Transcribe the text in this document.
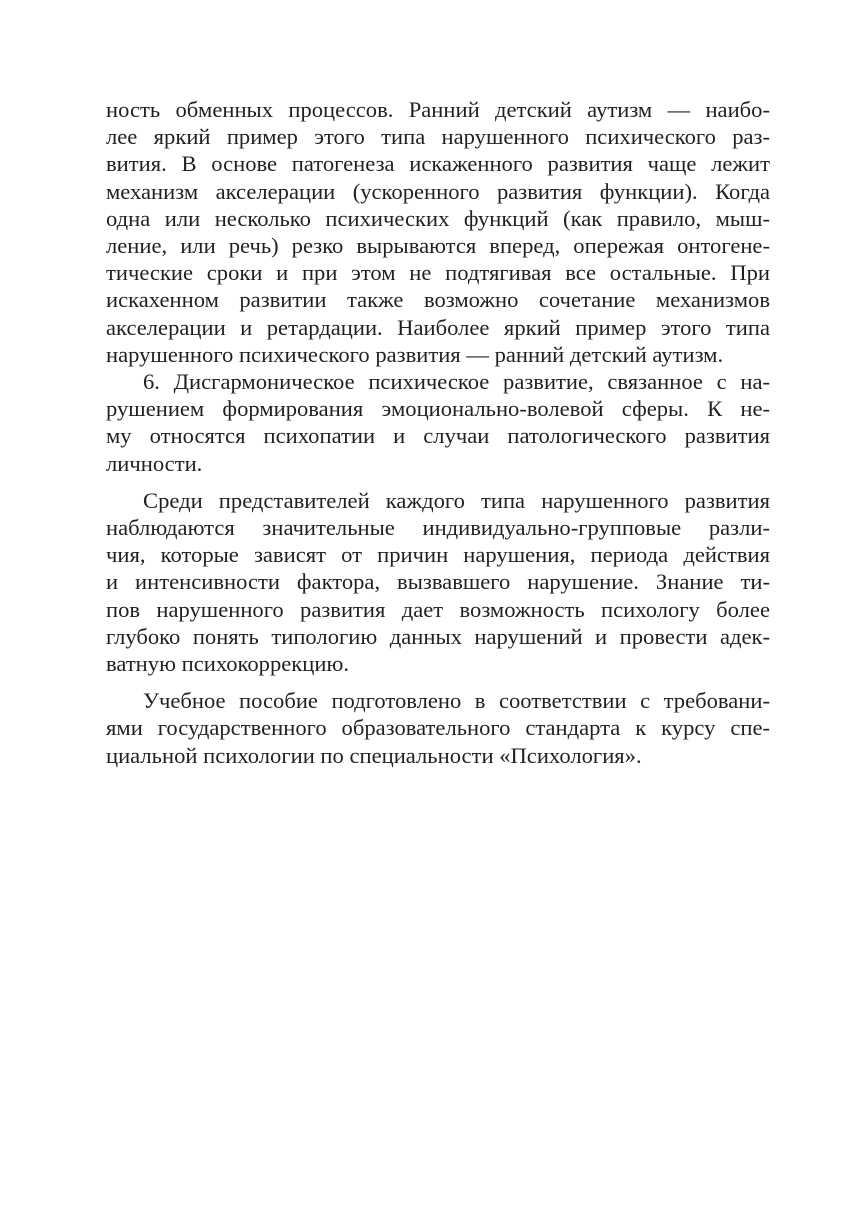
ность обменных процессов. Ранний детский аутизм — наибо-
лее яркий пример этого типа нарушенного психического раз-
вития. В основе патогенеза искаженного развития чаще лежит
механизм акселерации (ускоренного развития функции). Когда
одна или несколько психических функций (как правило, мыш-
ление, или речь) резко вырываются вперед, опережая онтогене-
тические сроки и при этом не подтягивая все остальные. При
искахенном развитии также возможно сочетание механизмов
акселерации и ретардации. Наиболее яркий пример этого типа
нарушенного психического развития — ранний детский аутизм.
6. Дисгармоническое психическое развитие, связанное с на-
рушением формирования эмоционально-волевой сферы. К не-
му относятся психопатии и случаи патологического развития
личности.
Среди представителей каждого типа нарушенного развития
наблюдаются значительные индивидуально-групповые разли-
чия, которые зависят от причин нарушения, периода действия
и интенсивности фактора, вызвавшего нарушение. Знание ти-
пов нарушенного развития дает возможность психологу более
глубоко понять типологию данных нарушений и провести адек-
ватную психокоррекцию.
Учебное пособие подготовлено в соответствии с требовани-
ями государственного образовательного стандарта к курсу спе-
циальной психологии по специальности «Психология».
